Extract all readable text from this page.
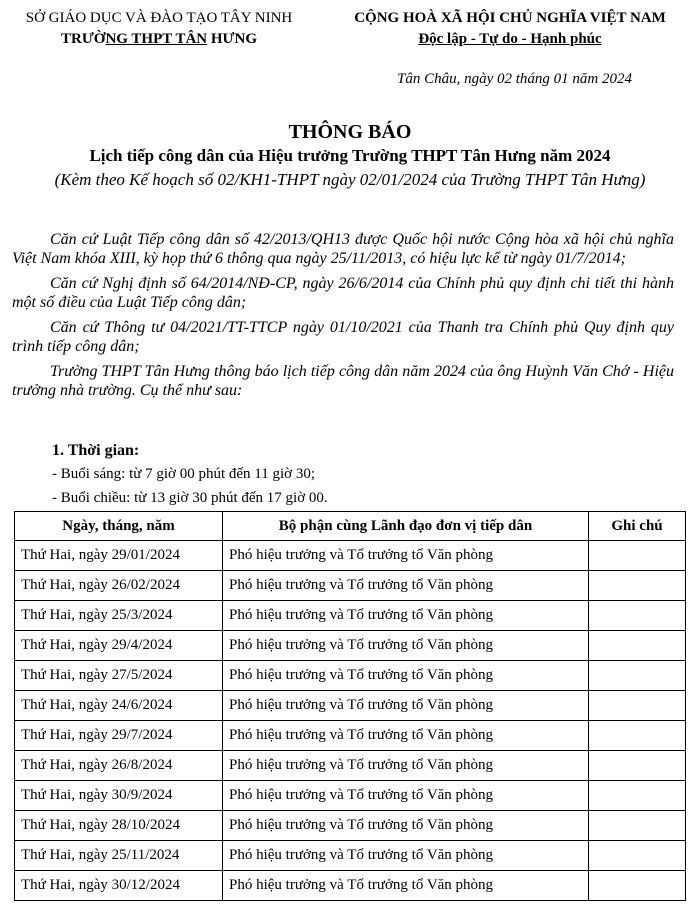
SỞ GIÁO DỤC VÀ ĐÀO TẠO TÂY NINH
TRƯỜNG THPT TÂN HƯNG
CỘNG HOÀ XÃ HỘI CHỦ NGHĨA VIỆT NAM
Độc lập - Tự do - Hạnh phúc
Tân Châu, ngày 02 tháng 01 năm 2024
THÔNG BÁO
Lịch tiếp công dân của Hiệu trưởng Trường THPT Tân Hưng năm 2024
(Kèm theo Kế hoạch số 02/KH1-THPT ngày 02/01/2024 của Trường THPT Tân Hưng)

Căn cứ Luật Tiếp công dân số 42/2013/QH13 được Quốc hội nước Cộng hòa xã hội chủ nghĩa Việt Nam khóa XIII, kỳ họp thứ 6 thông qua ngày 25/11/2013, có hiệu lực kể từ ngày 01/7/2014;

Căn cứ Nghị định số 64/2014/NĐ-CP, ngày 26/6/2014 của Chính phủ quy định chi tiết thi hành một số điều của Luật Tiếp công dân;

Căn cứ Thông tư 04/2021/TT-TTCP ngày 01/10/2021 của Thanh tra Chính phủ Quy định quy trình tiếp công dân;

Trường THPT Tân Hưng thông báo lịch tiếp công dân năm 2024 của ông Huỳnh Văn Chớ - Hiệu trưởng nhà trường. Cụ thể như sau:

1. Thời gian:
- Buổi sáng: từ 7 giờ 00 phút đến 11 giờ 30;
- Buổi chiều: từ 13 giờ 30 phút đến 17 giờ 00.
Ngày, tháng, năm	Bộ phận cùng Lãnh đạo đơn vị tiếp dân	Ghi chú
Thứ Hai, ngày 29/01/2024	Phó hiệu trưởng và Tổ trưởng tổ Văn phòng	
Thứ Hai, ngày 26/02/2024	Phó hiệu trưởng và Tổ trưởng tổ Văn phòng	
Thứ Hai, ngày 25/3/2024	Phó hiệu trưởng và Tổ trưởng tổ Văn phòng	
Thứ Hai, ngày 29/4/2024	Phó hiệu trưởng và Tổ trưởng tổ Văn phòng	
Thứ Hai, ngày 27/5/2024	Phó hiệu trưởng và Tổ trưởng tổ Văn phòng	
Thứ Hai, ngày 24/6/2024	Phó hiệu trưởng và Tổ trưởng tổ Văn phòng	
Thứ Hai, ngày 29/7/2024	Phó hiệu trưởng và Tổ trưởng tổ Văn phòng	
Thứ Hai, ngày 26/8/2024	Phó hiệu trưởng và Tổ trưởng tổ Văn phòng	
Thứ Hai, ngày 30/9/2024	Phó hiệu trưởng và Tổ trưởng tổ Văn phòng	
Thứ Hai, ngày 28/10/2024	Phó hiệu trưởng và Tổ trưởng tổ Văn phòng	
Thứ Hai, ngày 25/11/2024	Phó hiệu trưởng và Tổ trưởng tổ Văn phòng	
Thứ Hai, ngày 30/12/2024	Phó hiệu trưởng và Tổ trưởng tổ Văn phòng	
